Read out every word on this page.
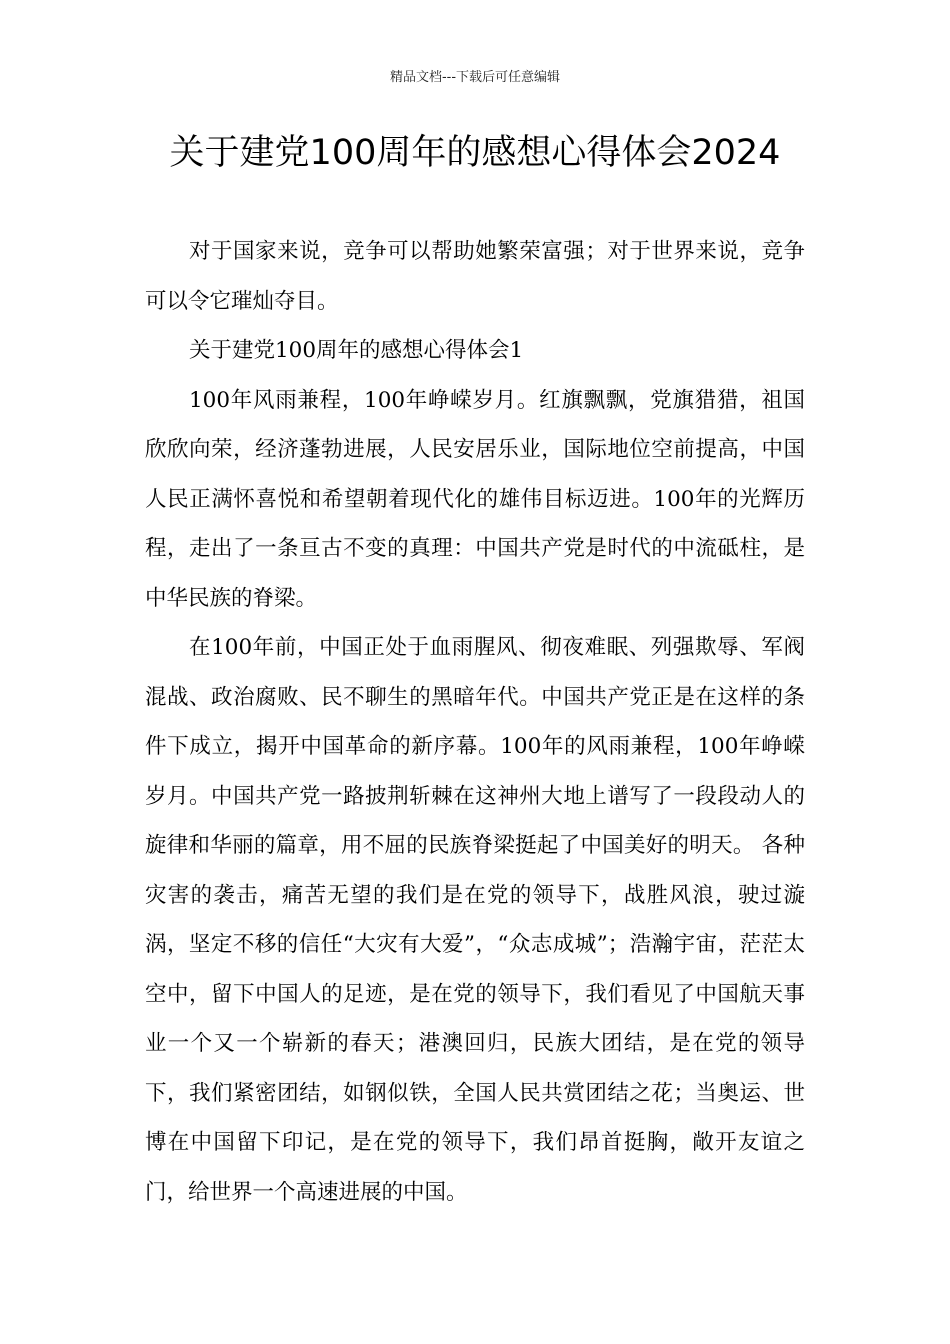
精品文档---下载后可任意编辑
关于建党100周年的感想心得体会2024

对于国家来说，竞争可以帮助她繁荣富强；对于世界来说，竞争可以令它璀灿夺目。

关于建党100周年的感想心得体会1

100年风雨兼程，100年峥嵘岁月。红旗飘飘，党旗猎猎，祖国欣欣向荣，经济蓬勃进展，人民安居乐业，国际地位空前提高，中国人民正满怀喜悦和希望朝着现代化的雄伟目标迈进。100年的光辉历程，走出了一条亘古不变的真理：中国共产党是时代的中流砥柱，是中华民族的脊梁。

在100年前，中国正处于血雨腥风、彻夜难眠、列强欺辱、军阀混战、政治腐败、民不聊生的黑暗年代。中国共产党正是在这样的条件下成立，揭开中国革命的新序幕。100年的风雨兼程，100年峥嵘岁月。中国共产党一路披荆斩棘在这神州大地上谱写了一段段动人的旋律和华丽的篇章，用不屈的民族脊梁挺起了中国美好的明天。 各种灾害的袭击，痛苦无望的我们是在党的领导下，战胜风浪，驶过漩涡，坚定不移的信任“大灾有大爱”，“众志成城”；浩瀚宇宙，茫茫太空中，留下中国人的足迹，是在党的领导下，我们看见了中国航天事业一个又一个崭新的春天；港澳回归，民族大团结，是在党的领导下，我们紧密团结，如钢似铁，全国人民共赏团结之花；当奥运、世博在中国留下印记，是在党的领导下，我们昂首挺胸，敞开友谊之门，给世界一个高速进展的中国。
